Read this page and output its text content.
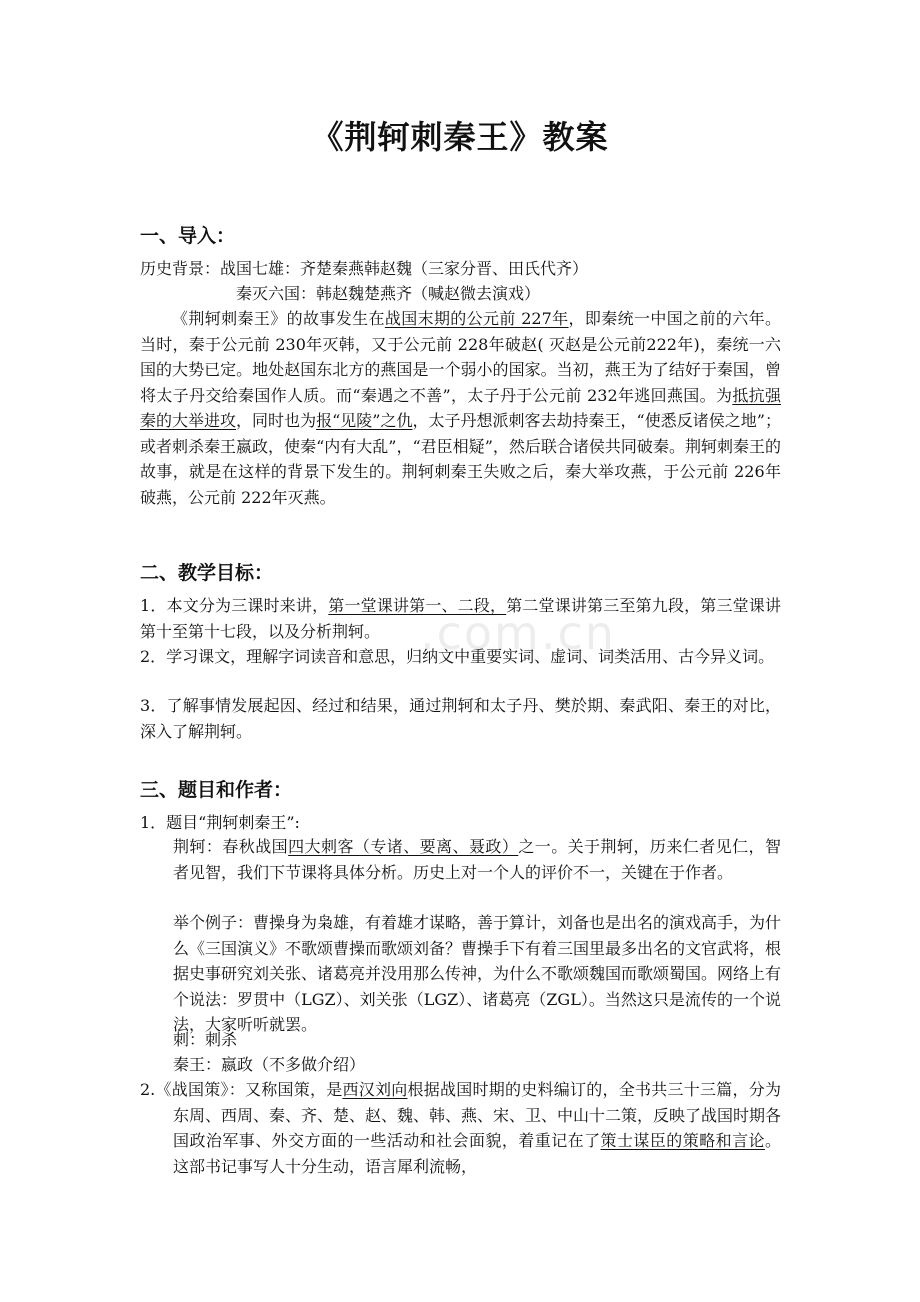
.com.cn
《荆轲刺秦王》教案
一、导入：
历史背景：战国七雄：齐楚秦燕韩赵魏（三家分晋、田氏代齐）
秦灭六国：韩赵魏楚燕齐（喊赵微去演戏）
《荆轲刺秦王》的故事发生在战国末期的公元前 227年，即秦统一中国之前的六年。当时，秦于公元前 230年灭韩，又于公元前 228年破赵( 灭赵是公元前222年)，秦统一六国的大势已定。地处赵国东北方的燕国是一个弱小的国家。当初，燕王为了结好于秦国，曾将太子丹交给秦国作人质。而“秦遇之不善”，太子丹于公元前 232年逃回燕国。为抵抗强秦的大举进攻，同时也为报“见陵”之仇，太子丹想派刺客去劫持秦王，“使悉反诸侯之地”；或者刺杀秦王嬴政，使秦“内有大乱”，“君臣相疑”，然后联合诸侯共同破秦。荆轲刺秦王的故事，就是在这样的背景下发生的。荆轲刺秦王失败之后，秦大举攻燕，于公元前 226年破燕，公元前 222年灭燕。
二、教学目标：
1．本文分为三课时来讲，第一堂课讲第一、二段，第二堂课讲第三至第九段，第三堂课讲第十至第十七段，以及分析荆轲。
2．学习课文，理解字词读音和意思，归纳文中重要实词、虚词、词类活用、古今异义词。
3．了解事情发展起因、经过和结果，通过荆轲和太子丹、樊於期、秦武阳、秦王的对比，深入了解荆轲。
三、题目和作者：
1．题目“荆轲刺秦王”:
荆轲：春秋战国四大刺客（专诸、要离、聂政）之一。关于荆轲，历来仁者见仁，智者见智，我们下节课将具体分析。历史上对一个人的评价不一，关键在于作者。
举个例子：曹操身为枭雄，有着雄才谋略，善于算计，刘备也是出名的演戏高手，为什么《三国演义》不歌颂曹操而歌颂刘备？曹操手下有着三国里最多出名的文官武将，根据史事研究刘关张、诸葛亮并没用那么传神，为什么不歌颂魏国而歌颂蜀国。网络上有个说法：罗贯中（LGZ）、刘关张（LGZ）、诸葛亮（ZGL）。当然这只是流传的一个说法，大家听听就罢。
刺：刺杀
秦王：嬴政（不多做介绍）
2.《战国策》：又称国策，是西汉刘向根据战国时期的史料编订的，全书共三十三篇，分为东周、西周、秦、齐、楚、赵、魏、韩、燕、宋、卫、中山十二策，反映了战国时期各国政治军事、外交方面的一些活动和社会面貌，着重记在了策士谋臣的策略和言论。这部书记事写人十分生动，语言犀利流畅，
